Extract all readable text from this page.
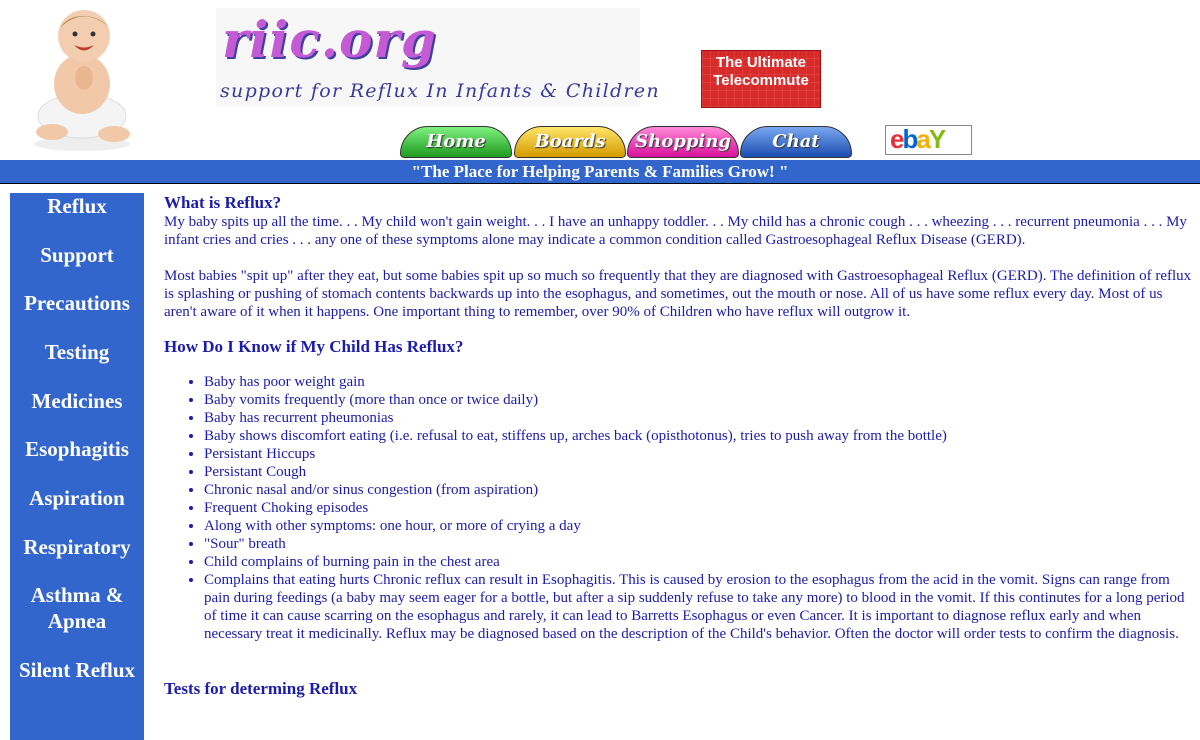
riic.org
support for Reflux In Infants & Children
The Ultimate
Telecommute
Home	Boards	Shopping	Chat	ebaY
"The Place for Helping Parents & Families Grow! "
Reflux
Support
Precautions
Testing
Medicines
Esophagitis
Aspiration
Respiratory
Asthma &
Apnea
Silent Reflux
What is Reflux?

My baby spits up all the time. . . My child won't gain weight. . . I have an unhappy toddler. . . My child has a chronic cough . . . wheezing . . . recurrent pneumonia . . . My infant cries and cries . . . any one of these symptoms alone may indicate a common condition called Gastroesophageal Reflux Disease (GERD).

Most babies "spit up" after they eat, but some babies spit up so much so frequently that they are diagnosed with Gastroesophageal Reflux (GERD). The definition of reflux is splashing or pushing of stomach contents backwards up into the esophagus, and sometimes, out the mouth or nose. All of us have some reflux every day. Most of us aren't aware of it when it happens. One important thing to remember, over 90% of Children who have reflux will outgrow it.

How Do I Know if My Child Has Reflux?
• Baby has poor weight gain
• Baby vomits frequently (more than once or twice daily)
• Baby has recurrent pheumonias
• Baby shows discomfort eating (i.e. refusal to eat, stiffens up, arches back (opisthotonus), tries to push away from the bottle)
• Persistant Hiccups
• Persistant Cough
• Chronic nasal and/or sinus congestion (from aspiration)
• Frequent Choking episodes
• Along with other symptoms: one hour, or more of crying a day
• "Sour" breath
• Child complains of burning pain in the chest area
• Complains that eating hurts Chronic reflux can result in Esophagitis. This is caused by erosion to the esophagus from the acid in the vomit. Signs can range from pain during feedings (a baby may seem eager for a bottle, but after a sip suddenly refuse to take any more) to blood in the vomit. If this continutes for a long period of time it can cause scarring on the esophagus and rarely, it can lead to Barretts Esophagus or even Cancer. It is important to diagnose reflux early and when necessary treat it medicinally. Reflux may be diagnosed based on the description of the Child's behavior. Often the doctor will order tests to confirm the diagnosis.
Tests for determing Reflux
